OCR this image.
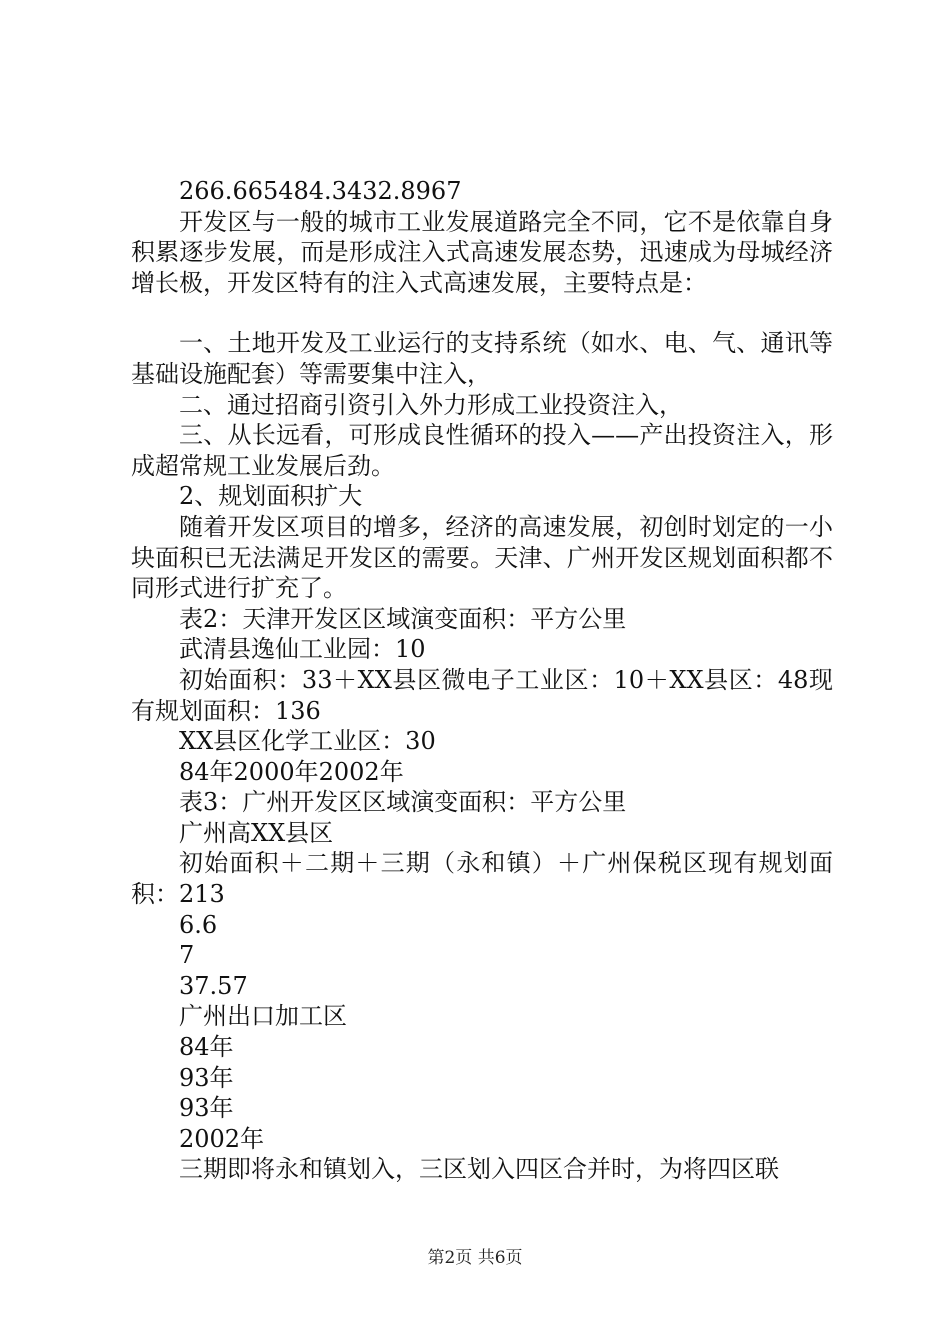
266.665484.3432.8967

开发区与一般的城市工业发展道路完全不同，它不是依靠自身积累逐步发展，而是形成注入式高速发展态势，迅速成为母城经济增长极，开发区特有的注入式高速发展，主要特点是：

一、土地开发及工业运行的支持系统（如水、电、气、通讯等基础设施配套）等需要集中注入，

二、通过招商引资引入外力形成工业投资注入，

三、从长远看，可形成良性循环的投入——产出投资注入，形成超常规工业发展后劲。

2、规划面积扩大

随着开发区项目的增多，经济的高速发展，初创时划定的一小块面积已无法满足开发区的需要。天津、广州开发区规划面积都不同形式进行扩充了。

表2：天津开发区区域演变面积：平方公里

武清县逸仙工业园：10

初始面积：33＋XX县区微电子工业区：10＋XX县区：48现有规划面积：136

XX县区化学工业区：30

84年2000年2002年

表3：广州开发区区域演变面积：平方公里

广州高XX县区

初始面积＋二期＋三期（永和镇）＋广州保税区现有规划面积：213

6.6

7

37.57

广州出口加工区

84年

93年

93年

2002年

三期即将永和镇划入，三区划入四区合并时，为将四区联

第2页 共6页
